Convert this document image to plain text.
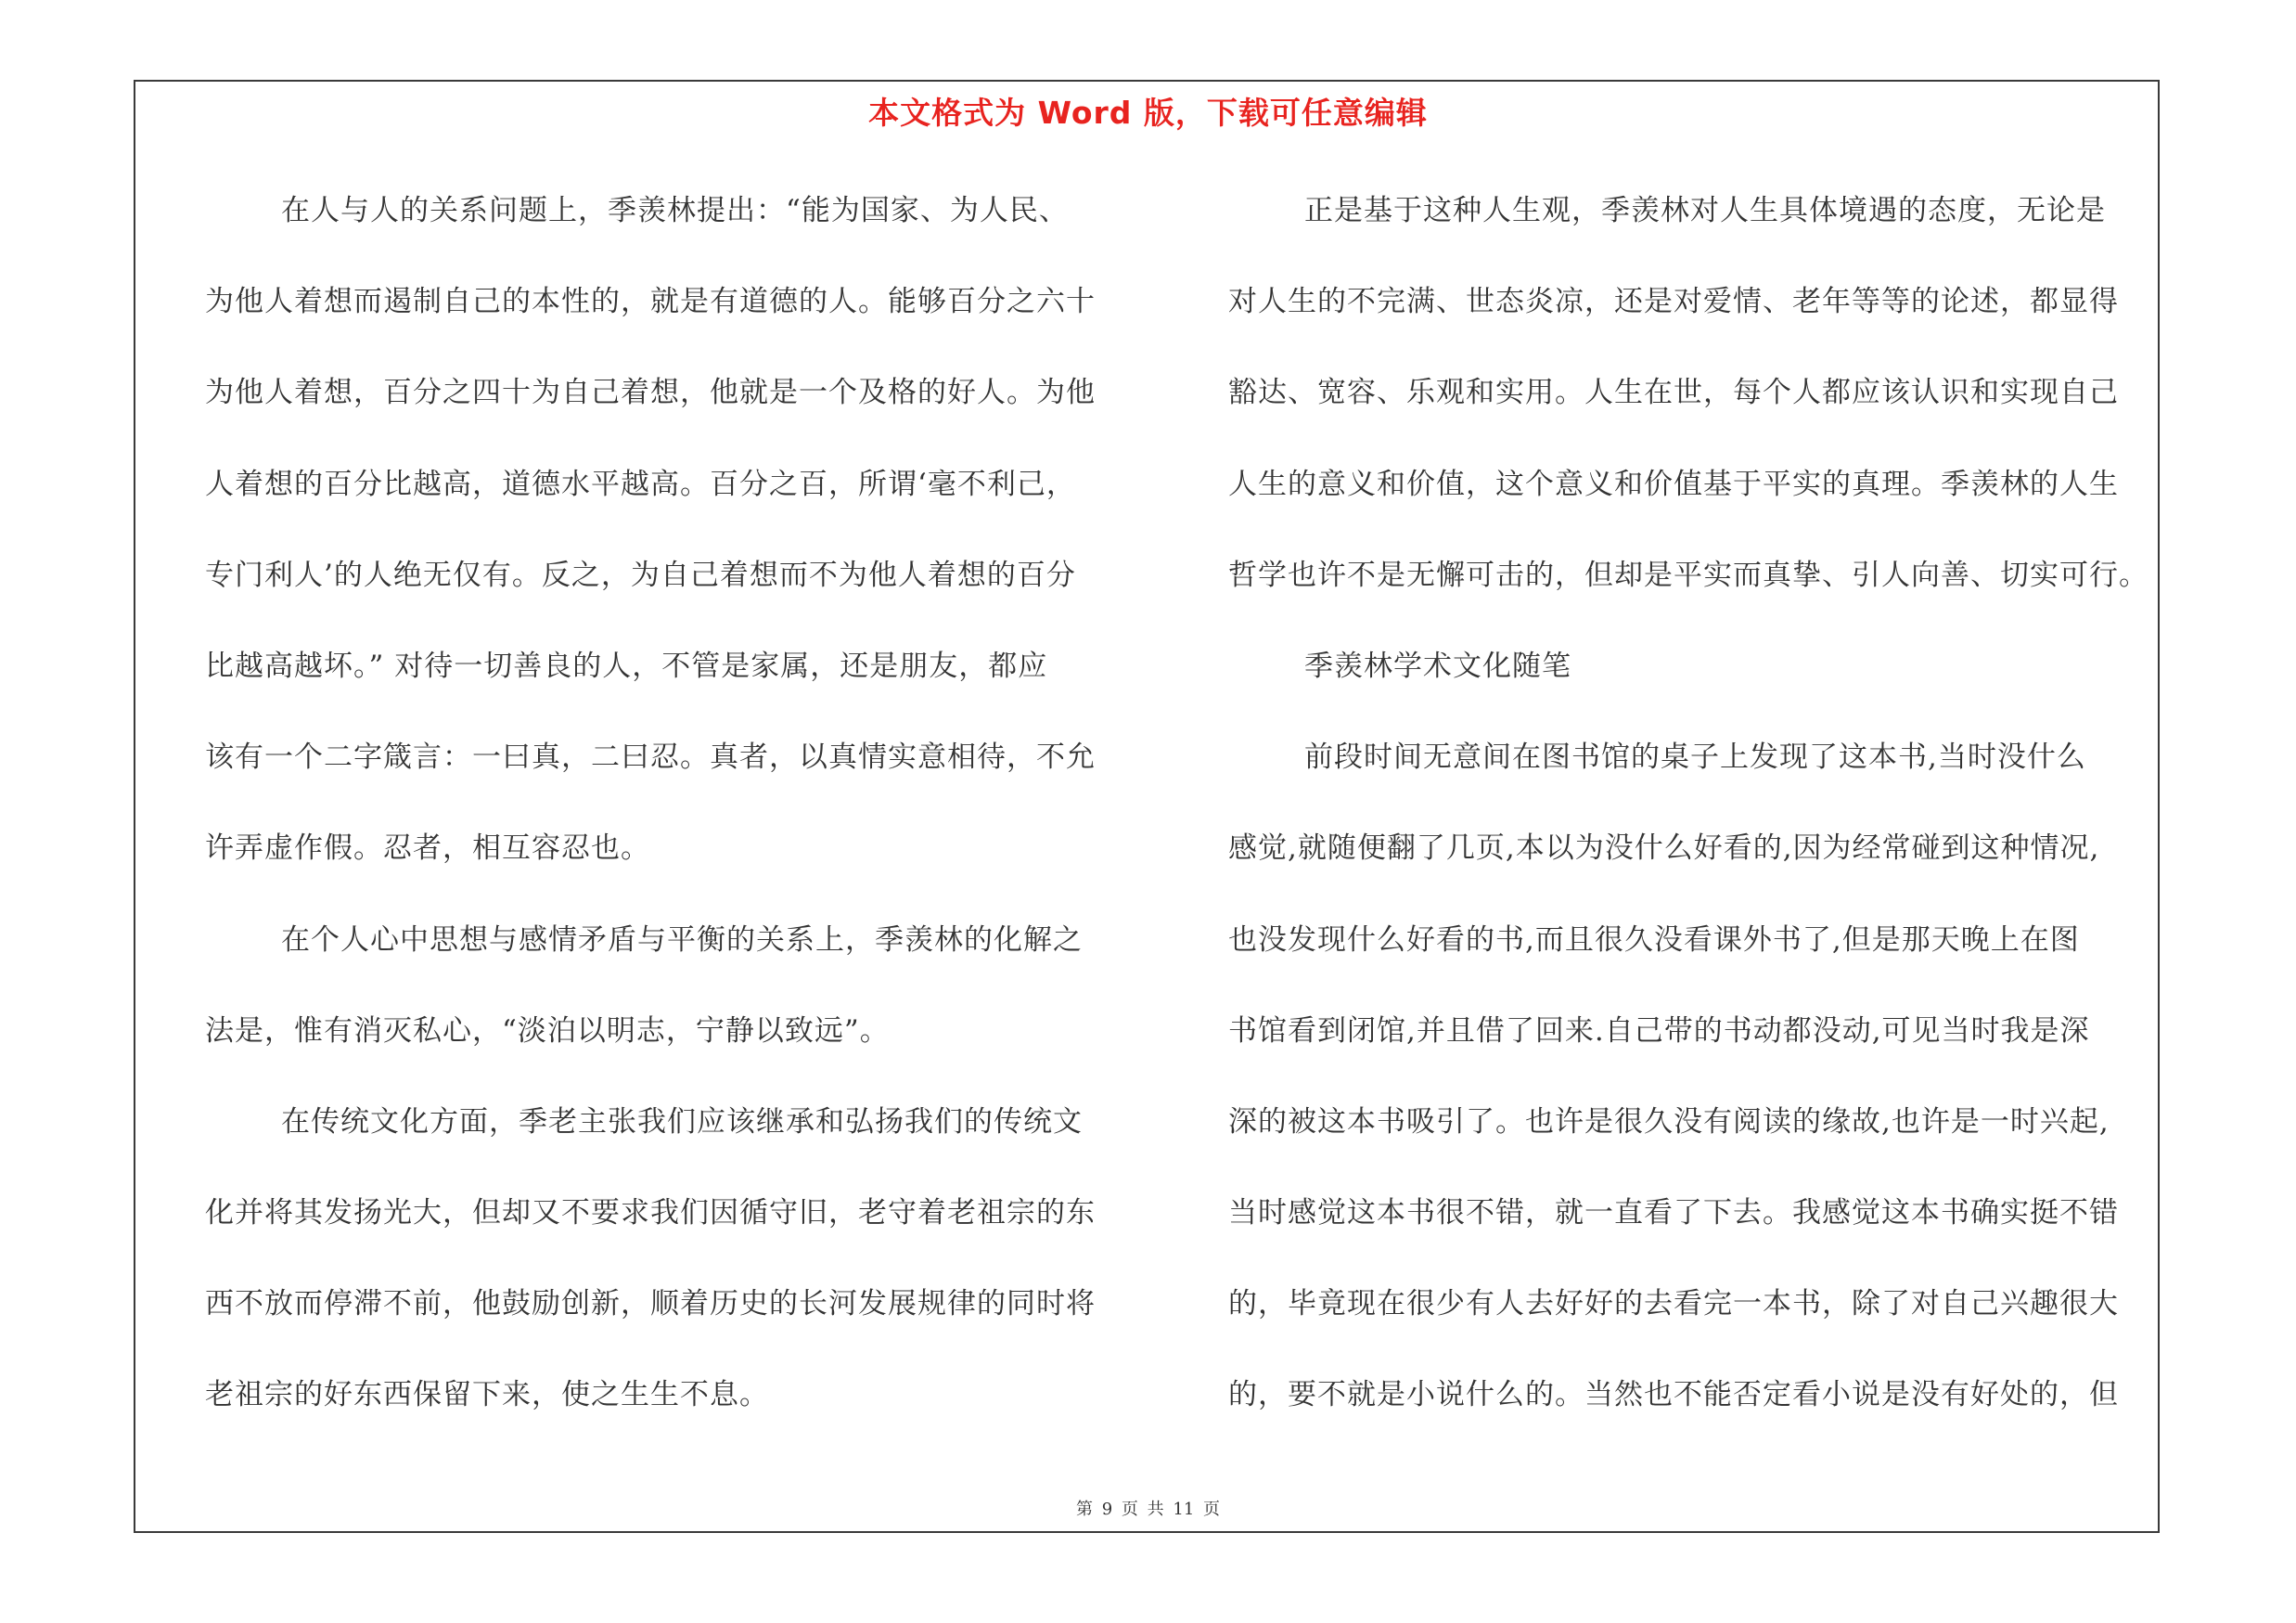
本文格式为 Word 版，下载可任意编辑
在人与人的关系问题上，季羡林提出：“能为国家、为人民、
为他人着想而遏制自己的本性的，就是有道德的人。能够百分之六十
为他人着想，百分之四十为自己着想，他就是一个及格的好人。为他
人着想的百分比越高，道德水平越高。百分之百，所谓‘毫不利己，
专门利人’的人绝无仅有。反之，为自己着想而不为他人着想的百分
比越高越坏。” 对待一切善良的人，不管是家属，还是朋友，都应
该有一个二字箴言：一曰真，二曰忍。真者，以真情实意相待，不允
许弄虚作假。忍者，相互容忍也。
在个人心中思想与感情矛盾与平衡的关系上，季羡林的化解之
法是，惟有消灭私心，“淡泊以明志，宁静以致远”。
在传统文化方面，季老主张我们应该继承和弘扬我们的传统文
化并将其发扬光大，但却又不要求我们因循守旧，老守着老祖宗的东
西不放而停滞不前，他鼓励创新，顺着历史的长河发展规律的同时将
老祖宗的好东西保留下来，使之生生不息。
正是基于这种人生观，季羡林对人生具体境遇的态度，无论是
对人生的不完满、世态炎凉，还是对爱情、老年等等的论述，都显得
豁达、宽容、乐观和实用。人生在世，每个人都应该认识和实现自己
人生的意义和价值，这个意义和价值基于平实的真理。季羡林的人生
哲学也许不是无懈可击的，但却是平实而真挚、引人向善、切实可行。
季羡林学术文化随笔
前段时间无意间在图书馆的桌子上发现了这本书,当时没什么
感觉,就随便翻了几页,本以为没什么好看的,因为经常碰到这种情况,
也没发现什么好看的书,而且很久没看课外书了,但是那天晚上在图
书馆看到闭馆,并且借了回来.自己带的书动都没动,可见当时我是深
深的被这本书吸引了。也许是很久没有阅读的缘故,也许是一时兴起,
当时感觉这本书很不错，就一直看了下去。我感觉这本书确实挺不错
的，毕竟现在很少有人去好好的去看完一本书，除了对自己兴趣很大
的，要不就是小说什么的。当然也不能否定看小说是没有好处的，但
第 9 页 共 11 页
